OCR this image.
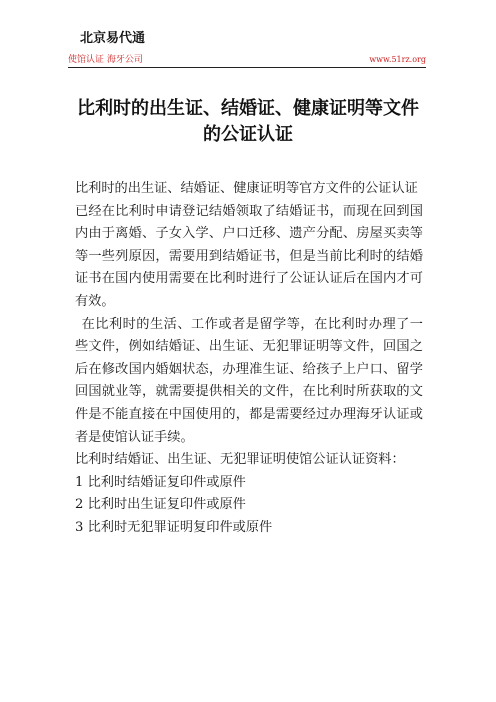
北京易代通
使馆认证 海牙公司	www.51rz.org
比利时的出生证、结婚证、健康证明等文件
的公证认证

比利时的出生证、结婚证、健康证明等官方文件的公证认证

已经在比利时申请登记结婚领取了结婚证书，而现在回到国内由于离婚、子女入学、户口迁移、遗产分配、房屋买卖等等一些列原因，需要用到结婚证书，但是当前比利时的结婚证书在国内使用需要在比利时进行了公证认证后在国内才可有效。

在比利时的生活、工作或者是留学等，在比利时办理了一些文件，例如结婚证、出生证、无犯罪证明等文件，回国之后在修改国内婚姻状态，办理准生证、给孩子上户口、留学回国就业等，就需要提供相关的文件，在比利时所获取的文件是不能直接在中国使用的，都是需要经过办理海牙认证或者是使馆认证手续。

比利时结婚证、出生证、无犯罪证明使馆公证认证资料：

1 比利时结婚证复印件或原件

2 比利时出生证复印件或原件

3 比利时无犯罪证明复印件或原件
